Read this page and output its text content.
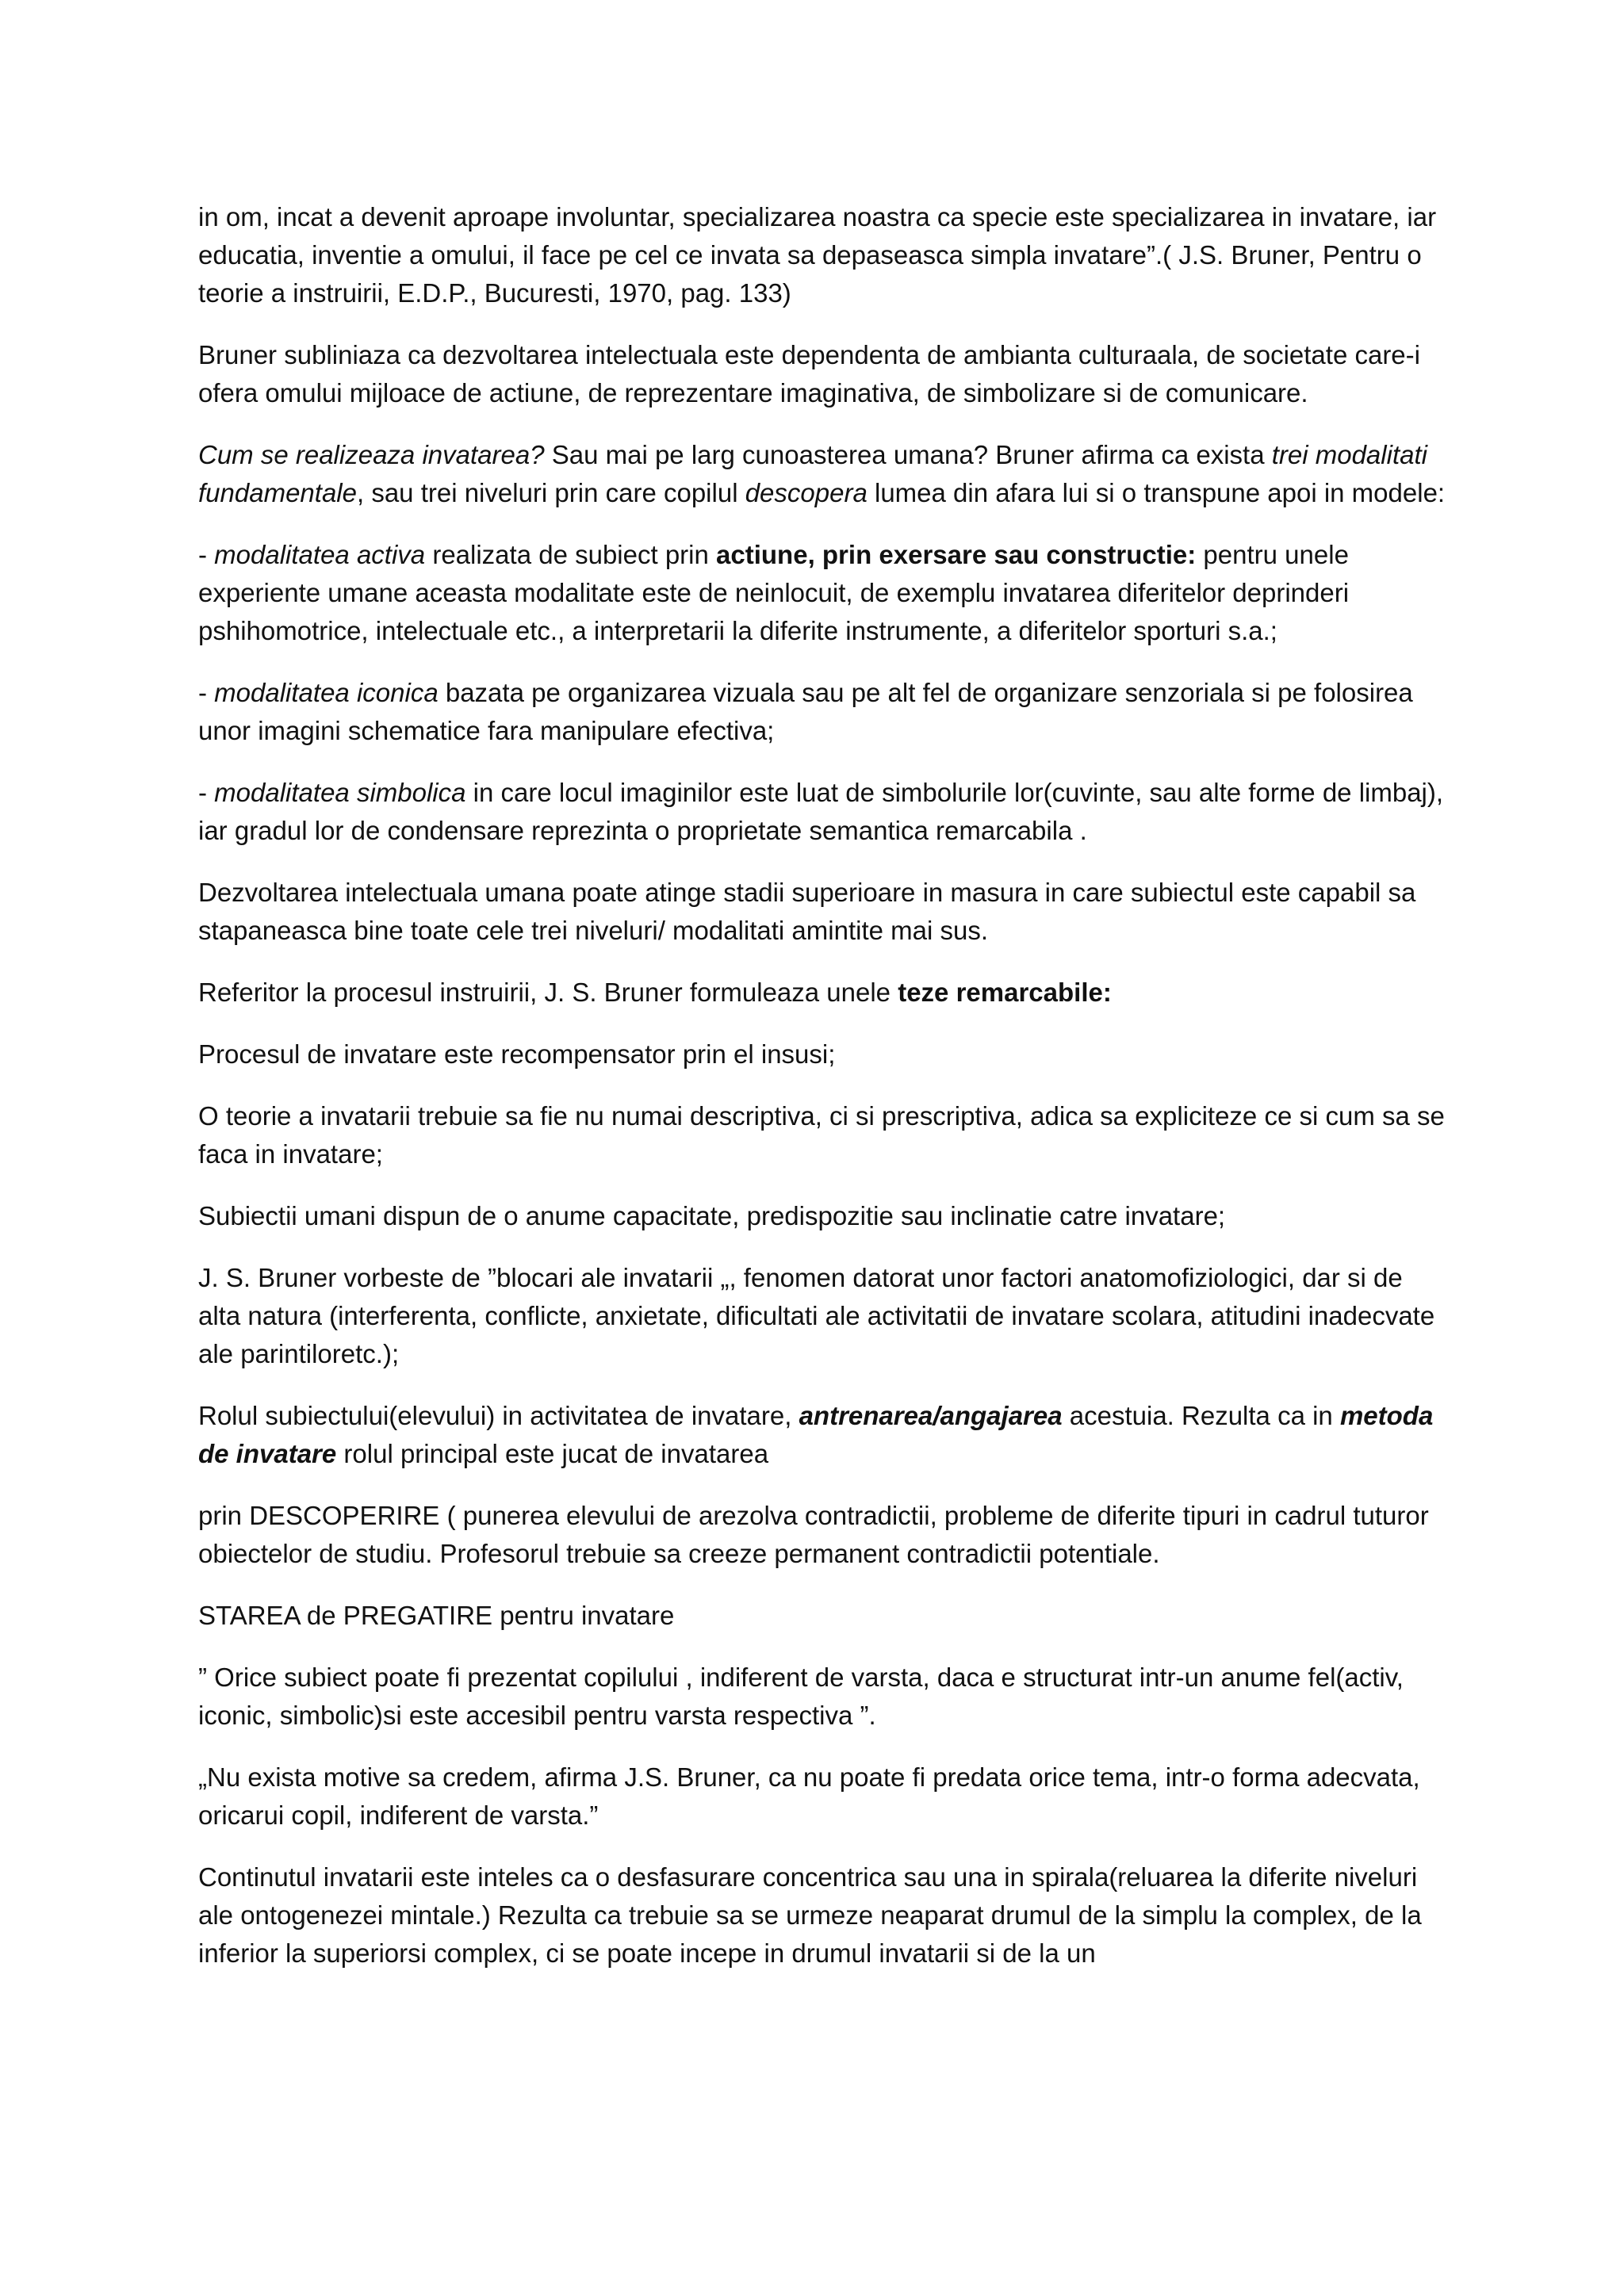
in om, incat a devenit aproape involuntar, specializarea noastra ca specie este specializarea in invatare, iar educatia, inventie a omului, il face pe cel ce invata sa depaseasca simpla invatare”.( J.S. Bruner, Pentru o teorie a instruirii, E.D.P., Bucuresti, 1970, pag. 133)

Bruner subliniaza ca dezvoltarea intelectuala este dependenta de ambianta culturaala, de societate care-i ofera omului mijloace de actiune, de reprezentare imaginativa, de simbolizare si de comunicare.

Cum se realizeaza invatarea? Sau mai pe larg cunoasterea umana? Bruner afirma ca exista trei modalitati fundamentale, sau trei niveluri prin care copilul descopera lumea din afara lui si o transpune apoi in modele:

- modalitatea activa realizata de subiect prin actiune, prin exersare sau constructie: pentru unele experiente umane aceasta modalitate este de neinlocuit, de exemplu invatarea diferitelor deprinderi pshihomotrice, intelectuale etc., a interpretarii la diferite instrumente, a diferitelor sporturi s.a.;

- modalitatea iconica bazata pe organizarea vizuala sau pe alt fel de organizare senzoriala si pe folosirea unor imagini schematice fara manipulare efectiva;

- modalitatea simbolica in care locul imaginilor este luat de simbolurile lor(cuvinte, sau alte forme de limbaj), iar gradul lor de condensare reprezinta o proprietate semantica remarcabila .

Dezvoltarea intelectuala umana poate atinge stadii superioare in masura in care subiectul este capabil sa stapaneasca bine toate cele trei niveluri/ modalitati amintite mai sus.

Referitor la procesul instruirii, J. S. Bruner formuleaza unele teze remarcabile:

Procesul de invatare este recompensator prin el insusi;

O teorie a invatarii trebuie sa fie nu numai descriptiva, ci si prescriptiva, adica sa expliciteze ce si cum sa se faca in invatare;

Subiectii umani dispun de o anume capacitate, predispozitie sau inclinatie catre invatare;

J. S. Bruner vorbeste de ”blocari ale invatarii „, fenomen datorat unor factori anatomofiziologici, dar si de alta natura (interferenta, conflicte, anxietate, dificultati ale activitatii de invatare scolara, atitudini inadecvate ale parintiloretc.);

Rolul subiectului(elevului) in activitatea de invatare, antrenarea/angajarea acestuia. Rezulta ca in metoda de invatare rolul principal este jucat de invatarea

prin DESCOPERIRE ( punerea elevului de arezolva contradictii, probleme de diferite tipuri in cadrul tuturor obiectelor de studiu. Profesorul trebuie sa creeze permanent contradictii potentiale.

STAREA de PREGATIRE pentru invatare

” Orice subiect poate fi prezentat copilului , indiferent de varsta, daca e structurat intr-un anume fel(activ, iconic, simbolic)si este accesibil pentru varsta respectiva ”.

„Nu exista motive sa credem, afirma J.S. Bruner, ca nu poate fi predata orice tema, intr-o forma adecvata, oricarui copil, indiferent de varsta.”

Continutul invatarii este inteles ca o desfasurare concentrica sau una in spirala(reluarea la diferite niveluri ale ontogenezei mintale.) Rezulta ca trebuie sa se urmeze neaparat drumul de la simplu la complex, de la inferior la superiorsi complex, ci se poate incepe in drumul invatarii si de la un
